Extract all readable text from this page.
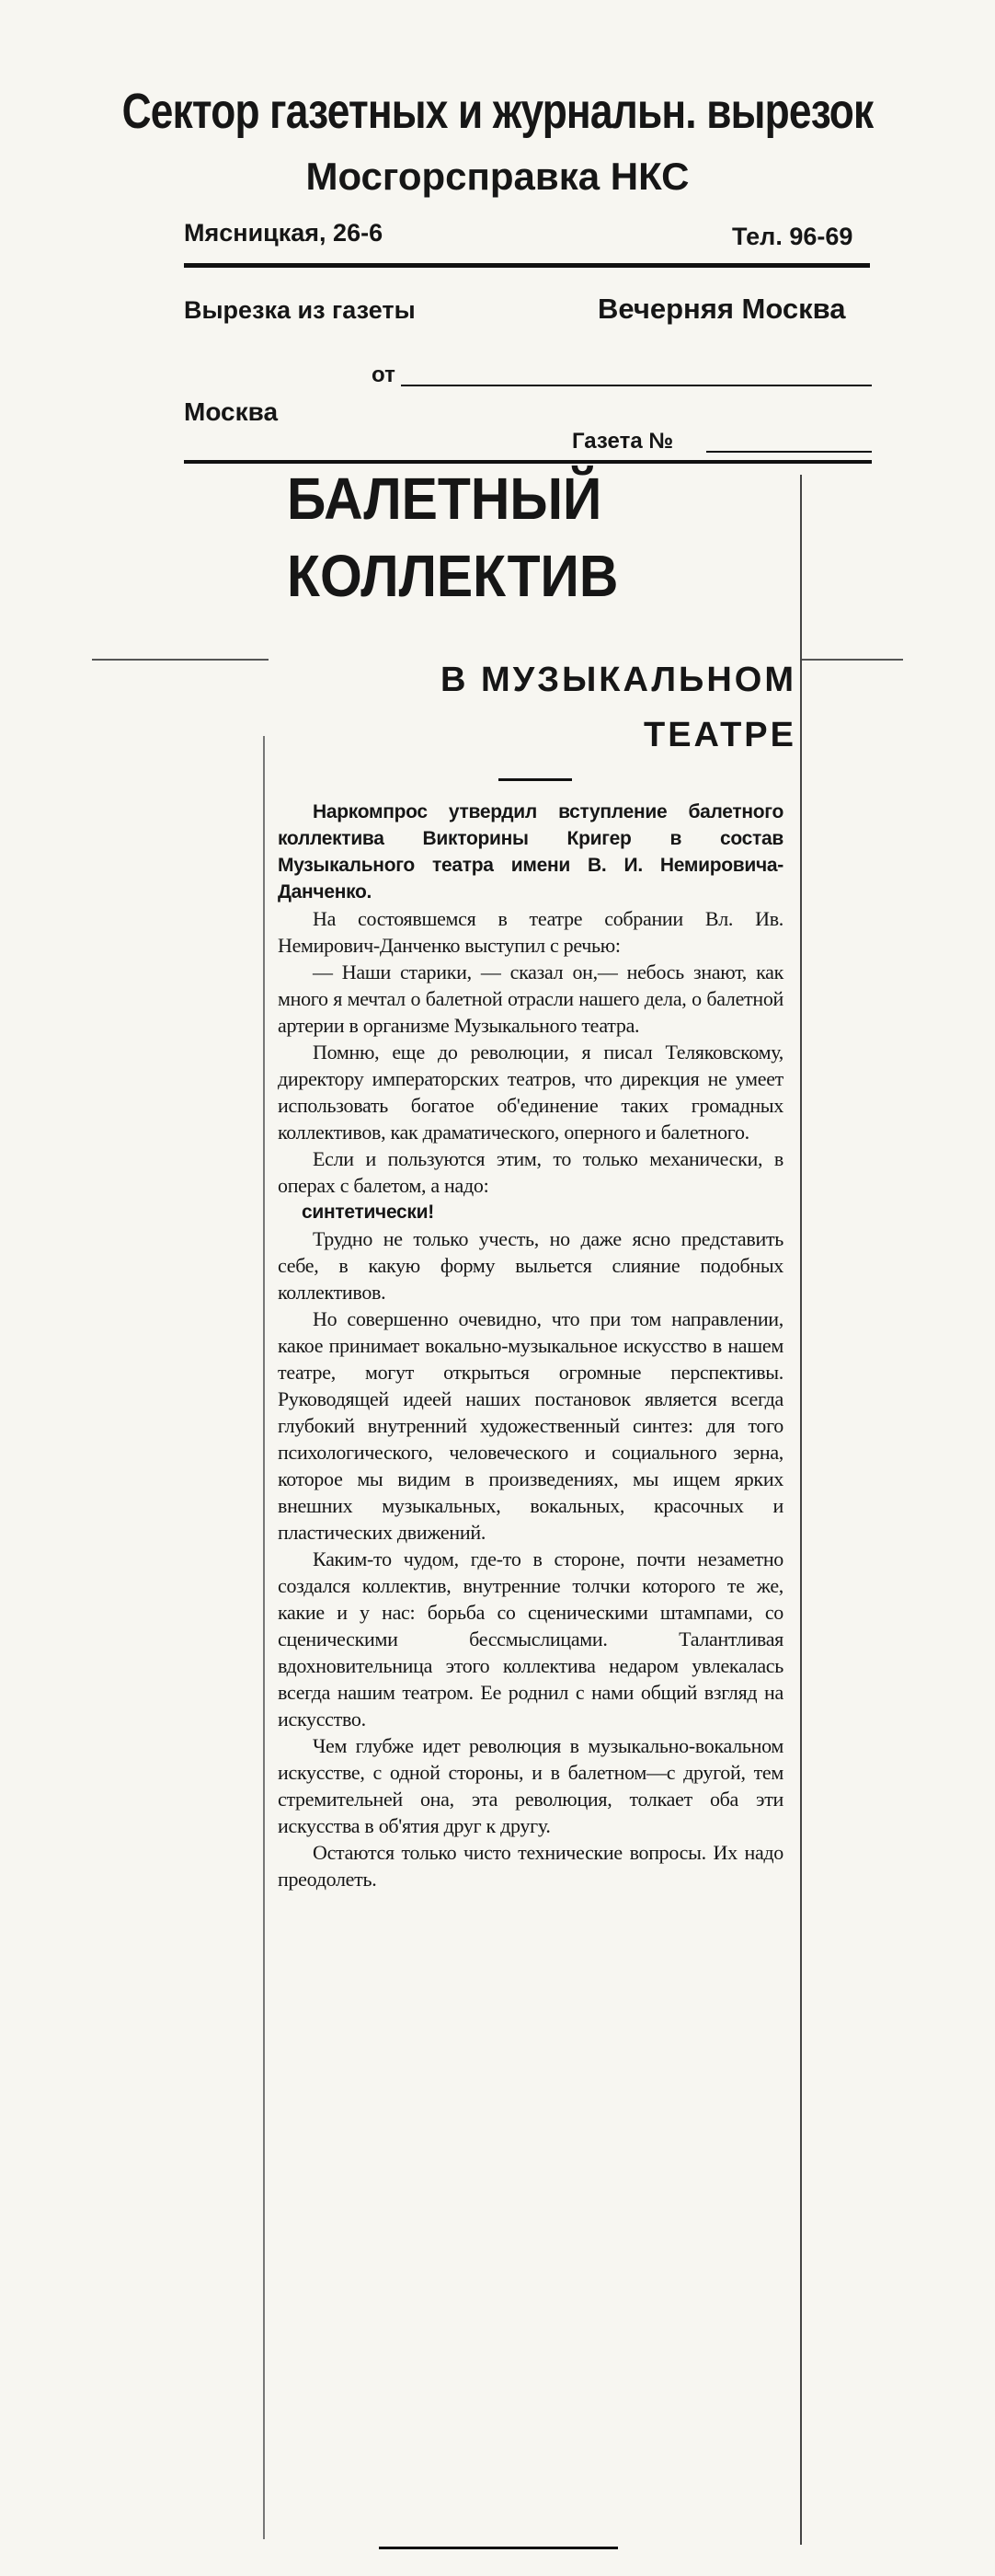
Сектор газетных и журнальн. вырезок
Мосгорсправка НКС
Мясницкая, 26-6	Тел. 96-69
Вырезка из газеты	Вечерняя Москва
от
Москва
Газета №
БАЛЕТНЫЙ
КОЛЛЕКТИВ
В МУЗЫКАЛЬНОМ
ТЕАТРЕ

Наркомпрос утвердил вступление балетного коллектива Викторины Кригер в состав Музыкального театра имени В. И. Немировича-Данченко.

На состоявшемся в театре собрании Вл. Ив. Немирович-Данченко выступил с речью:

— Наши старики, — сказал он,— небось знают, как много я мечтал о балетной отрасли нашего дела, о балетной артерии в организме Музыкального театра.

Помню, еще до революции, я писал Теляковскому, директору императорских театров, что дирекция не умеет использовать богатое об'единение таких громадных коллективов, как драматического, оперного и балетного.

Если и пользуются этим, то только механически, в операх с балетом, а надо:

синтетически!

Трудно не только учесть, но даже ясно представить себе, в какую форму выльется слияние подобных коллективов.

Но совершенно очевидно, что при том направлении, какое принимает вокально-музыкальное искусство в нашем театре, могут открыться огромные перспективы. Руководящей идеей наших постановок является всегда глубокий внутренний художественный синтез: для того психологического, человеческого и социального зерна, которое мы видим в произведениях, мы ищем ярких внешних музыкальных, вокальных, красочных и пластических движений.

Каким-то чудом, где-то в стороне, почти незаметно создался коллектив, внутренние толчки которого те же, какие и у нас: борьба со сценическими штампами, со сценическими бессмыслицами. Талантливая вдохновительница этого коллектива недаром увлекалась всегда нашим театром. Ее роднил с нами общий взгляд на искусство.

Чем глубже идет революция в музыкально-вокальном искусстве, с одной стороны, и в балетном—с другой, тем стремительней она, эта революция, толкает оба эти искусства в об'ятия друг к другу.

Остаются только чисто технические вопросы. Их надо преодолеть.
